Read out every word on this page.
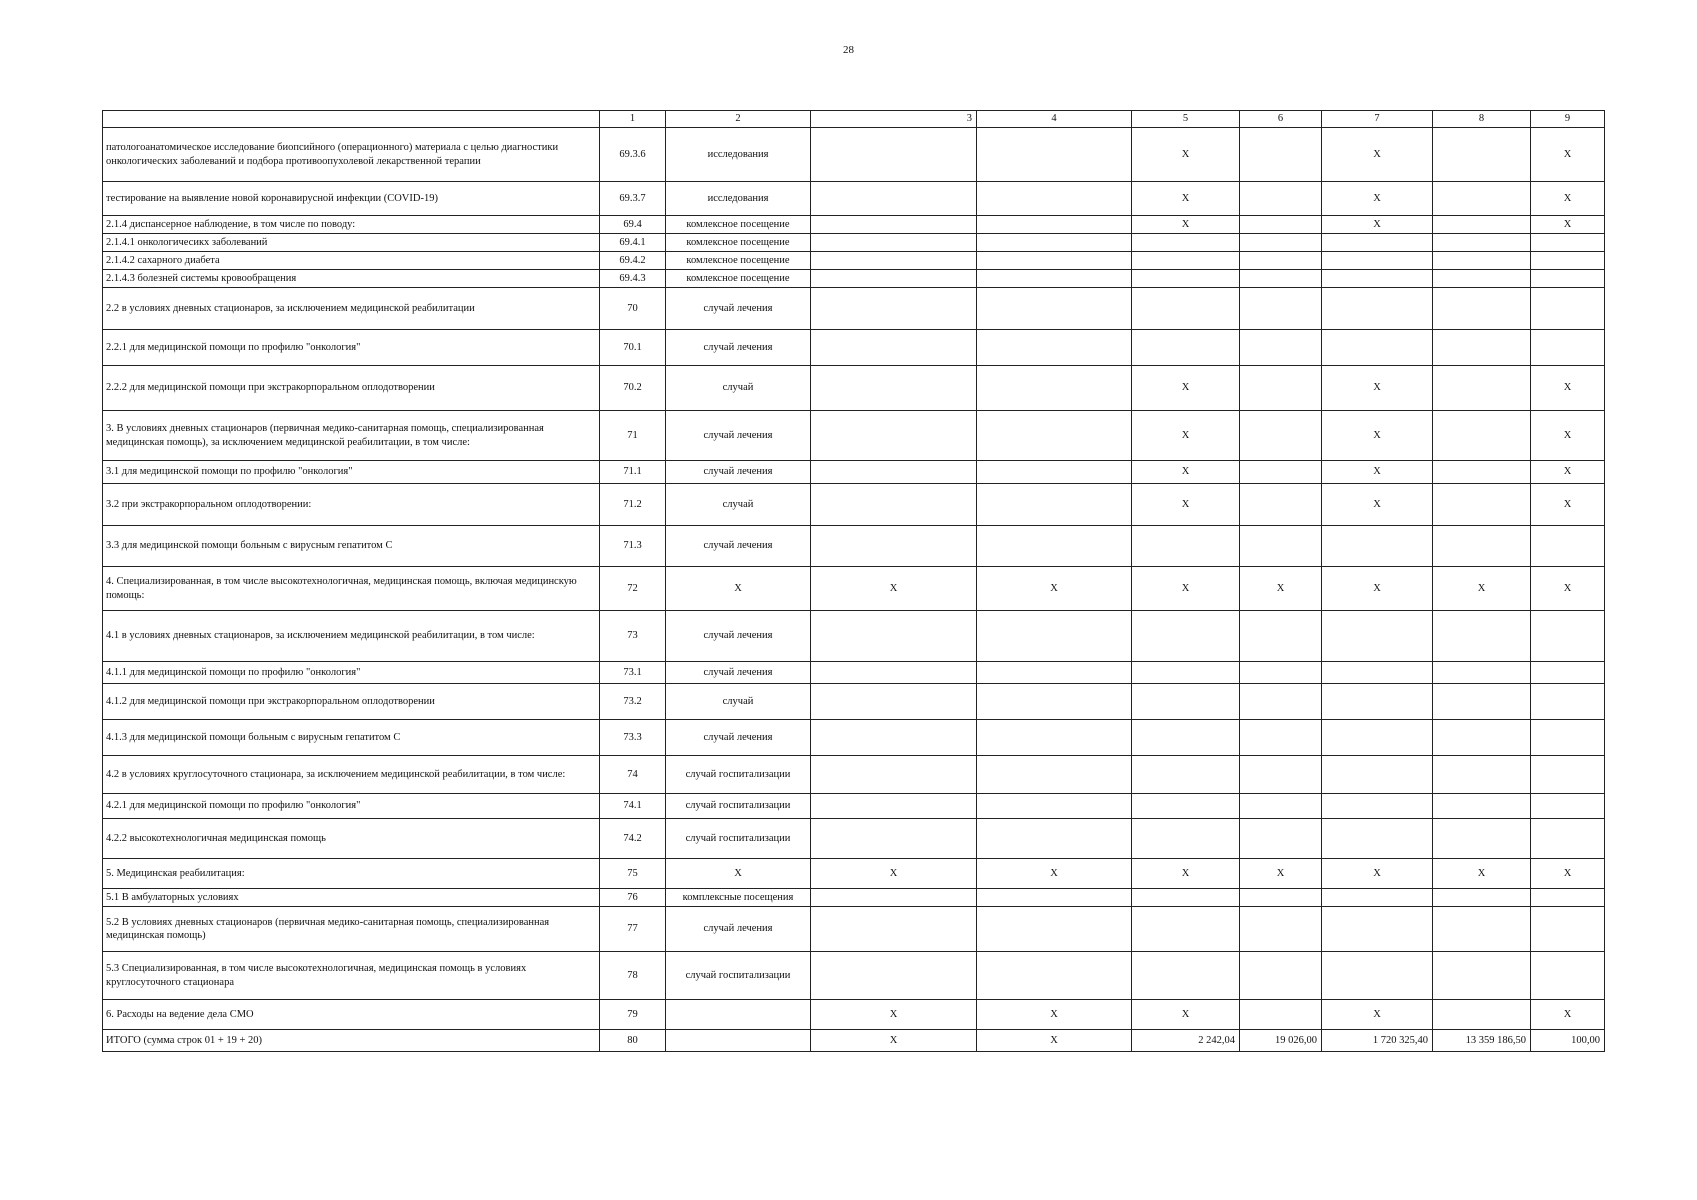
28
	1	2	3	4	5	6	7	8	9
патологоанатомическое исследование биопсийного (операционного) материала с целью диагностики онкологических заболеваний и подбора противоопухолевой лекарственной терапии	69.3.6	исследования			X		X		X
тестирование на выявление новой коронавирусной инфекции (COVID-19)	69.3.7	исследования			X		X		X
2.1.4 диспансерное наблюдение, в том числе по поводу:	69.4	комлексное посещение			X		X		X
2.1.4.1 онкологичесикх заболеваний	69.4.1	комлексное посещение							
2.1.4.2 сахарного диабета	69.4.2	комлексное посещение							
2.1.4.3 болезней системы кровообращения	69.4.3	комлексное посещение							
2.2 в условиях дневных стационаров, за исключением медицинской реабилитации	70	случай лечения							
2.2.1 для медицинской помощи по профилю "онкология"	70.1	случай лечения							
2.2.2 для медицинской помощи при экстракорпоральном оплодотворении	70.2	случай			X		X		X
3. В условиях дневных стационаров (первичная медико-санитарная помощь, специализированная медицинская помощь), за исключением медицинской реабилитации, в том числе:	71	случай лечения			X		X		X
3.1 для медицинской помощи по профилю "онкология"	71.1	случай лечения			X		X		X
3.2 при экстракорпоральном оплодотворении:	71.2	случай			X		X		X
3.3 для медицинской помощи больным с вирусным гепатитом С	71.3	случай лечения							
4. Специализированная, в том числе высокотехнологичная, медицинская помощь, включая медицинскую помощь:	72	X	X	X	X	X	X	X	X
4.1 в условиях дневных стационаров, за исключением медицинской реабилитации, в том числе:	73	случай лечения							
4.1.1 для медицинской помощи по профилю "онкология"	73.1	случай лечения							
4.1.2 для медицинской помощи при экстракорпоральном оплодотворении	73.2	случай							
4.1.3 для медицинской помощи больным с вирусным гепатитом С	73.3	случай лечения							
4.2 в условиях круглосуточного стационара, за исключением медицинской реабилитации, в том числе:	74	случай госпитализации							
4.2.1 для медицинской помощи по профилю "онкология"	74.1	случай госпитализации							
4.2.2 высокотехнологичная медицинская помощь	74.2	случай госпитализации							
5. Медицинская реабилитация:	75	X	X	X	X	X	X	X	X
5.1 В амбулаторных условиях	76	комплексные посещения							
5.2 В условиях дневных стационаров (первичная медико-санитарная помощь, специализированная медицинская помощь)	77	случай лечения							
5.3 Специализированная, в том числе высокотехнологичная, медицинская помощь в условиях круглосуточного стационара	78	случай госпитализации							
6. Расходы на ведение дела СМО	79		X	X	X		X		X
ИТОГО (сумма строк 01 + 19 + 20)	80		X	X	2 242,04	19 026,00	1 720 325,40	13 359 186,50	100,00
